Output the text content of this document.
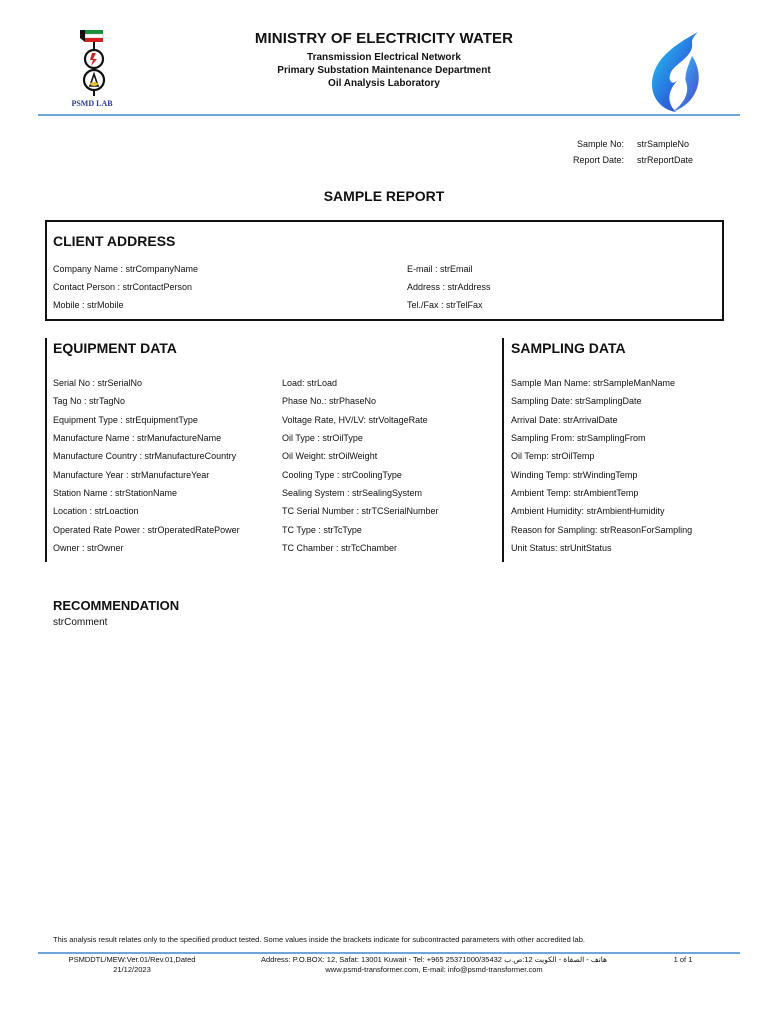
PSMD LAB
MINISTRY OF ELECTRICITY WATER
Transmission Electrical Network
Primary Substation Maintenance Department
Oil Analysis Laboratory
Sample No: strSampleNo
Report Date: strReportDate
SAMPLE REPORT
CLIENT ADDRESS
Company Name : strCompanyName
Contact Person : strContactPerson
Mobile : strMobile
E-mail : strEmail
Address : strAddress
Tel./Fax : strTelFax
EQUIPMENT DATA
Serial No : strSerialNo
Tag No : strTagNo
Equipment Type : strEquipmentType
Manufacture Name : strManufactureName
Manufacture Country : strManufactureCountry
Manufacture Year : strManufactureYear
Station Name : strStationName
Location : strLoaction
Operated Rate Power : strOperatedRatePower
Owner : strOwner
Load: strLoad
Phase No.: strPhaseNo
Voltage Rate, HV/LV: strVoltageRate
Oil Type : strOilType
Oil Weight: strOilWeight
Cooling Type : strCoolingType
Sealing System : strSealingSystem
TC Serial Number : strTCSerialNumber
TC Type : strTcType
TC Chamber : strTcChamber
SAMPLING DATA
Sample Man Name: strSampleManName
Sampling Date: strSamplingDate
Arrival Date: strArrivalDate
Sampling From: strSamplingFrom
Oil Temp: strOilTemp
Winding Temp: strWindingTemp
Ambient Temp: strAmbientTemp
Ambient Humidity: strAmbientHumidity
Reason for Sampling: strReasonForSampling
Unit Status: strUnitStatus
RECOMMENDATION
strComment
This analysis result relates only to the specified product tested. Some values inside the brackets indicate for subcontracted parameters with other accredited lab.
PSMDDTL/MEW:Ver.01/Rev.01,Dated
21/12/2023
Address: P.O.BOX: 12, Safat: 13001 Kuwait - Tel: +965 25371000/35432 هاتف - الصفاة - الكويت 12:ص.ب
www.psmd-transformer.com, E-mail: info@psmd-transformer.com
1 of 1
